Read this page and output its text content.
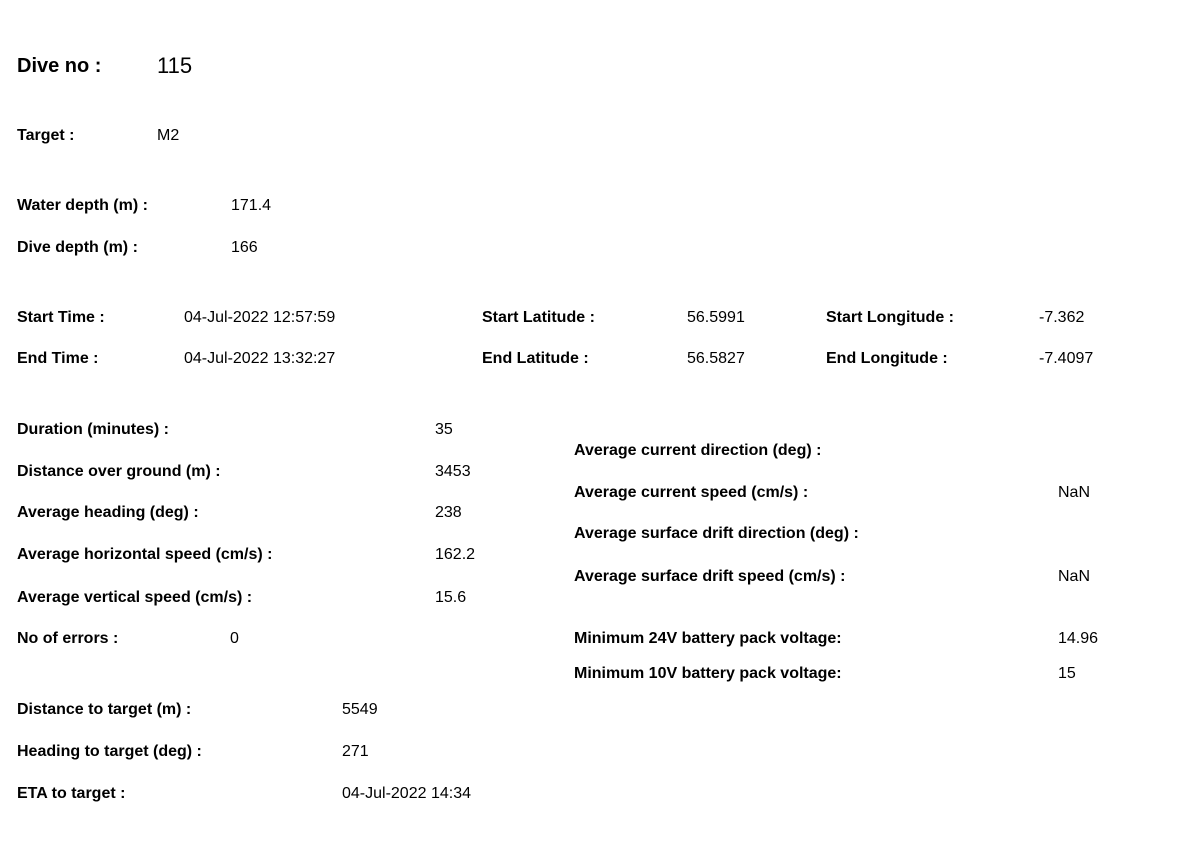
Dive no :	115
Target :	M2
Water depth (m) :	171.4
Dive depth (m) :	166
Start Time :	04-Jul-2022 12:57:59
End Time :	04-Jul-2022 13:32:27
Start Latitude :	56.5991
End Latitude :	56.5827
Start Longitude :	-7.362
End Longitude :	-7.4097
Duration (minutes) :	35
Distance over ground (m) :	3453
Average heading (deg) :	238
Average horizontal speed (cm/s) :	162.2
Average vertical speed (cm/s) :	15.6
No of errors :	0
Average current direction (deg) :
Average current speed (cm/s) :	NaN
Average surface drift direction (deg) :
Average surface drift speed (cm/s) :	NaN
Minimum 24V battery pack voltage:	14.96
Minimum 10V battery pack voltage:	15
Distance to target (m) :	5549
Heading to target (deg) :	271
ETA to target :	04-Jul-2022 14:34
